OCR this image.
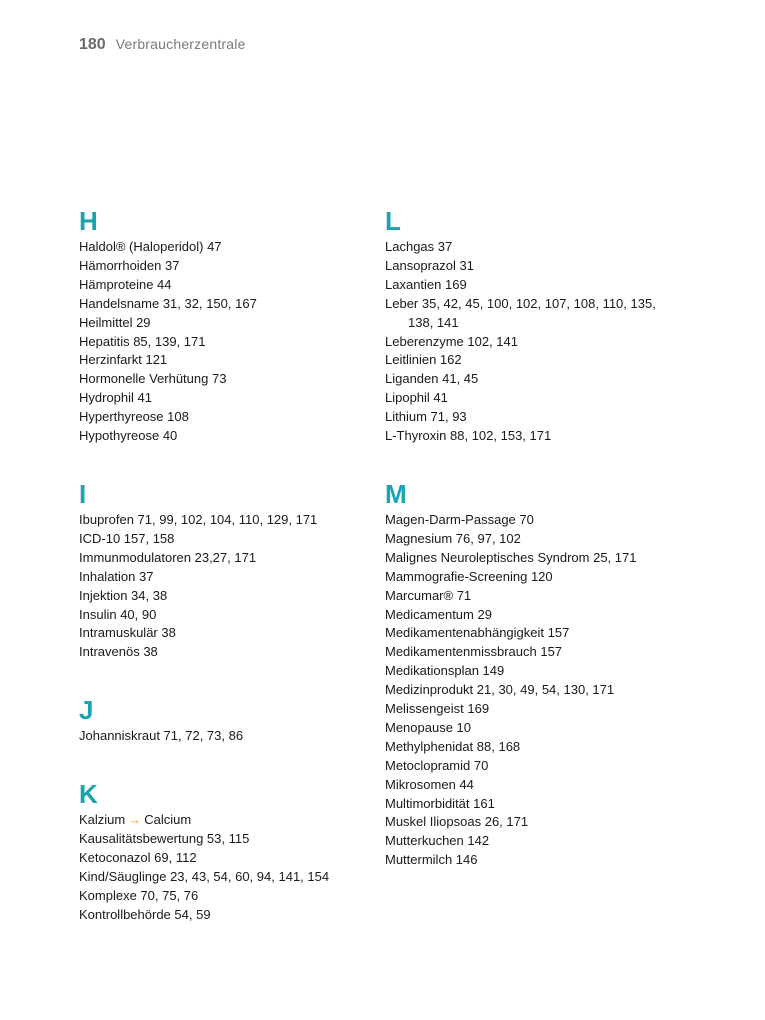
180 Verbraucherzentrale
H
Haldol® (Haloperidol) 47
Hämorrhoiden 37
Hämproteine 44
Handelsname 31, 32, 150, 167
Heilmittel 29
Hepatitis 85, 139, 171
Herzinfarkt 121
Hormonelle Verhütung 73
Hydrophil 41
Hyperthyreose 108
Hypothyreose 40
I
Ibuprofen 71, 99, 102, 104, 110, 129, 171
ICD-10 157, 158
Immunmodulatoren 23,27, 171
Inhalation 37
Injektion 34, 38
Insulin 40, 90
Intramuskulär 38
Intravenös 38
J
Johanniskraut 71, 72, 73, 86
K
Kalzium → Calcium
Kausalitätsbewertung 53, 115
Ketoconazol 69, 112
Kind/Säuglinge 23, 43, 54, 60, 94, 141, 154
Komplexe 70, 75, 76
Kontrollbehörde 54, 59
L
Lachgas 37
Lansoprazol 31
Laxantien 169
Leber 35, 42, 45, 100, 102, 107, 108, 110, 135,
138, 141
Leberenzyme 102, 141
Leitlinien 162
Liganden 41, 45
Lipophil 41
Lithium 71, 93
L-Thyroxin 88, 102, 153, 171
M
Magen-Darm-Passage 70
Magnesium 76, 97, 102
Malignes Neuroleptisches Syndrom 25, 171
Mammografie-Screening 120
Marcumar® 71
Medicamentum 29
Medikamentenabhängigkeit 157
Medikamentenmissbrauch 157
Medikationsplan 149
Medizinprodukt 21, 30, 49, 54, 130, 171
Melissengeist 169
Menopause 10
Methylphenidat 88, 168
Metoclopramid 70
Mikrosomen 44
Multimorbidität 161
Muskel Iliopsoas 26, 171
Mutterkuchen 142
Muttermilch 146
